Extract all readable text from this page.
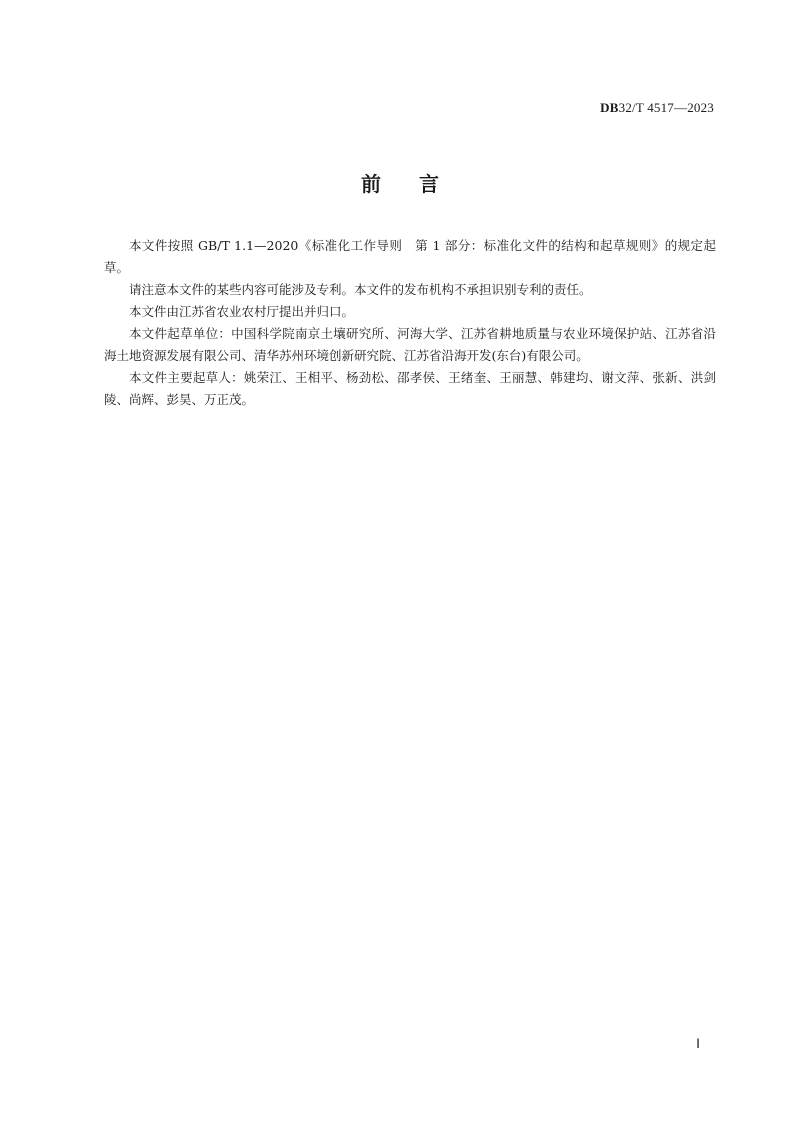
DB32/T 4517—2023
前言

本文件按照 GB/T 1.1—2020《标准化工作导则　第 1 部分：标准化文件的结构和起草规则》的规定起草。

请注意本文件的某些内容可能涉及专利。本文件的发布机构不承担识别专利的责任。

本文件由江苏省农业农村厅提出并归口。

本文件起草单位：中国科学院南京土壤研究所、河海大学、江苏省耕地质量与农业环境保护站、江苏省沿海土地资源发展有限公司、清华苏州环境创新研究院、江苏省沿海开发(东台)有限公司。

本文件主要起草人：姚荣江、王相平、杨劲松、邵孝侯、王绪奎、王丽慧、韩建均、谢文萍、张新、洪剑陵、尚辉、彭昊、万正茂。

Ⅰ
